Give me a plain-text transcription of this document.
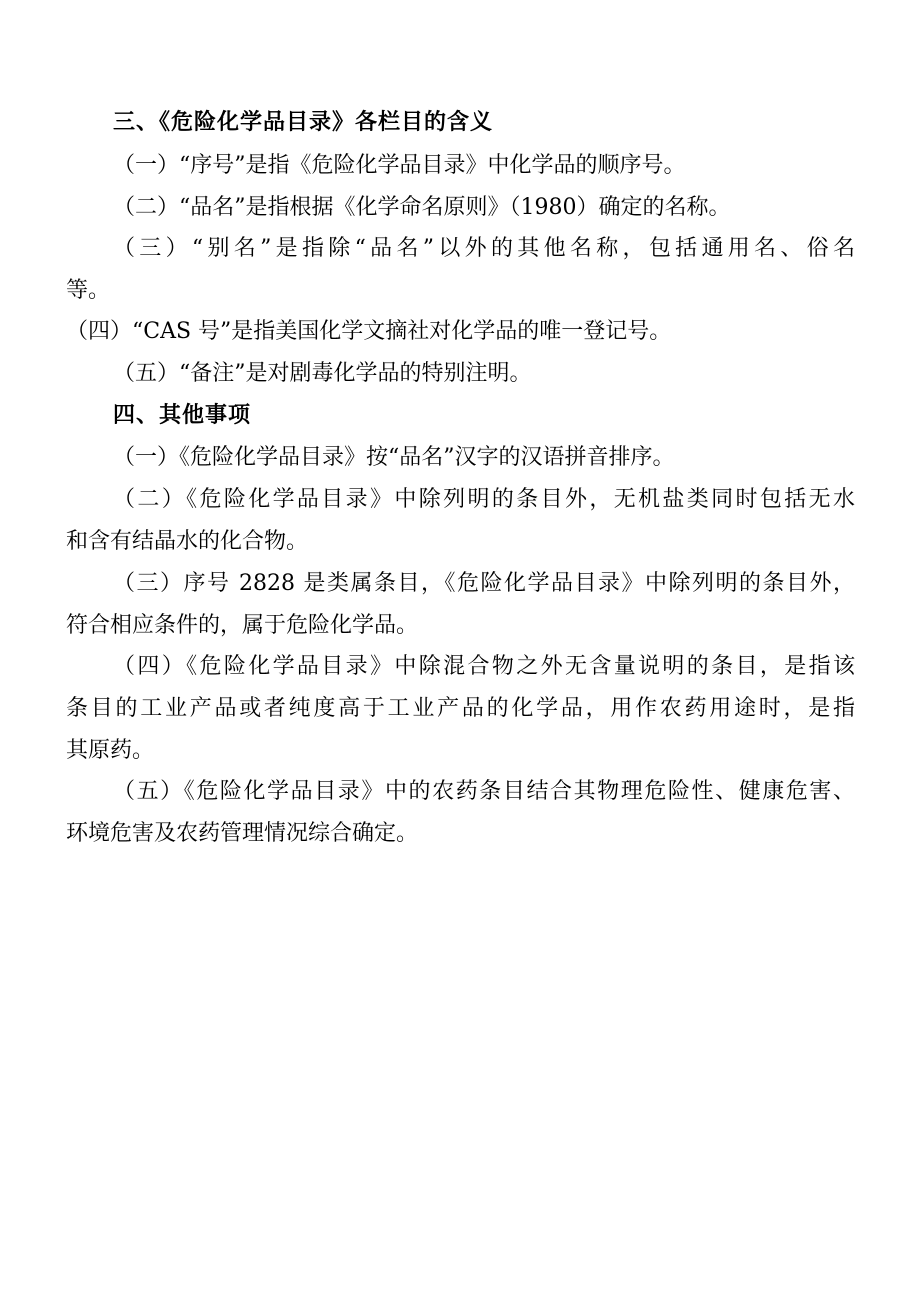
三、《危险化学品目录》各栏目的含义
（一）“序号”是指《危险化学品目录》中化学品的顺序号。
（二）“品名”是指根据《化学命名原则》（1980）确定的名称。
（三）“别名”是指除“品名”以外的其他名称，包括通用名、俗名
等。
（四）“CAS 号”是指美国化学文摘社对化学品的唯一登记号。
（五）“备注”是对剧毒化学品的特别注明。
四、其他事项
（一）《危险化学品目录》按“品名”汉字的汉语拼音排序。
（二）《危险化学品目录》中除列明的条目外，无机盐类同时包括无水
和含有结晶水的化合物。
（三）序号 2828 是类属条目，《危险化学品目录》中除列明的条目外，
符合相应条件的，属于危险化学品。
（四）《危险化学品目录》中除混合物之外无含量说明的条目，是指该
条目的工业产品或者纯度高于工业产品的化学品，用作农药用途时，是指
其原药。
（五）《危险化学品目录》中的农药条目结合其物理危险性、健康危害、
环境危害及农药管理情况综合确定。
